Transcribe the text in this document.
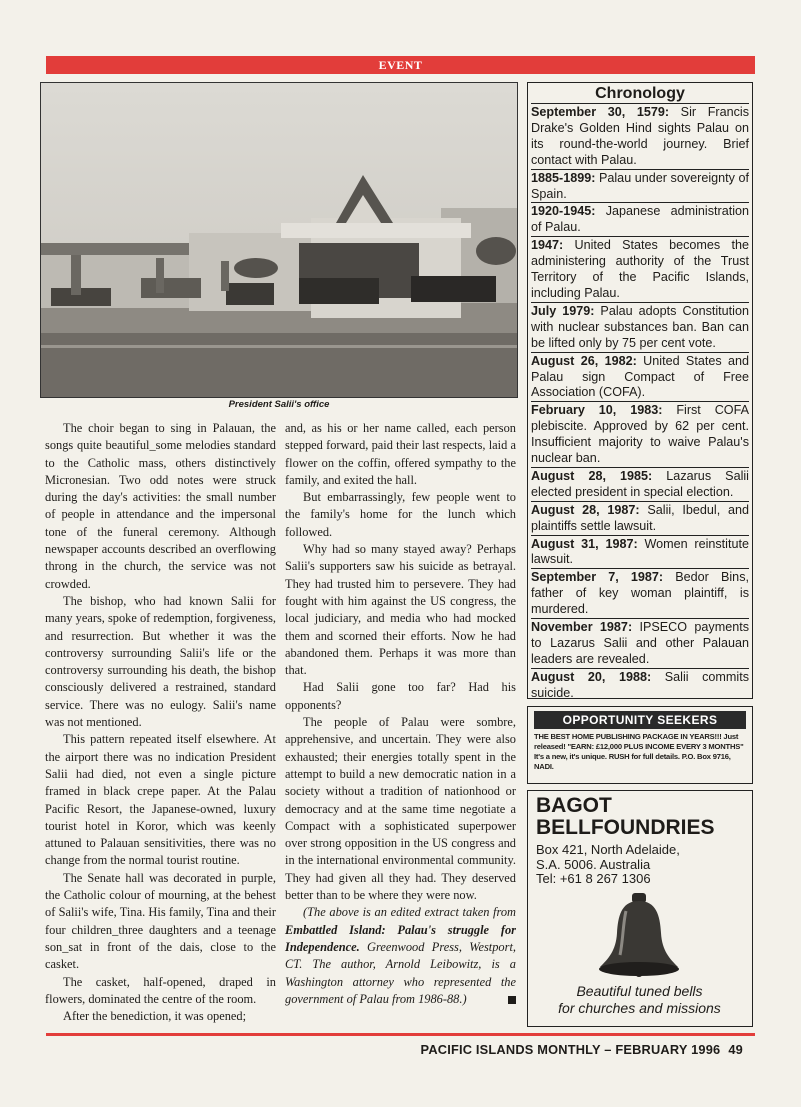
EVENT
President Salii's office

The choir began to sing in Palauan, the songs quite beautiful_some melodies standard to the Catholic mass, others distinctively Micronesian. Two odd notes were struck during the day's activities: the small number of people in attendance and the impersonal tone of the funeral ceremony. Although newspaper accounts described an overflowing throng in the church, the service was not crowded.

The bishop, who had known Salii for many years, spoke of redemption, forgiveness, and resurrection. But whether it was the controversy surrounding Salii's life or the controversy surrounding his death, the bishop consciously delivered a restrained, standard service. There was no eulogy. Salii's name was not mentioned.

This pattern repeated itself elsewhere. At the airport there was no indication President Salii had died, not even a single picture framed in black crepe paper. At the Palau Pacific Resort, the Japanese-owned, luxury tourist hotel in Koror, which was keenly attuned to Palauan sensitivities, there was no change from the normal tourist routine.

The Senate hall was decorated in purple, the Catholic colour of mourning, at the behest of Salii's wife, Tina. His family, Tina and their four children_three daughters and a teenage son_sat in front of the dais, close to the casket.

The casket, half-opened, draped in flowers, dominated the centre of the room.

After the benediction, it was opened;

and, as his or her name called, each person stepped forward, paid their last respects, laid a flower on the coffin, offered sympathy to the family, and exited the hall.

But embarrassingly, few people went to the family's home for the lunch which followed.

Why had so many stayed away? Perhaps Salii's supporters saw his suicide as betrayal. They had trusted him to persevere. They had fought with him against the US congress, the local judiciary, and media who had mocked them and scorned their efforts. Now he had abandoned them. Perhaps it was more than that.

Had Salii gone too far? Had his opponents?

The people of Palau were sombre, apprehensive, and uncertain. They were also exhausted; their energies totally spent in the attempt to build a new democratic nation in a society without a tradition of nationhood or democracy and at the same time negotiate a Compact with a sophisticated superpower over strong opposition in the US congress and in the international environmental community. They had given all they had. They deserved better than to be where they were now.

(The above is an edited extract taken from Embattled Island: Palau's struggle for Independence. Greenwood Press, Westport, CT. The author, Arnold Leibowitz, is a Washington attorney who represented the government of Palau from 1986-88.)

Chronology
September 30, 1579: Sir Francis Drake's Golden Hind sights Palau on its round-the-world journey. Brief contact with Palau.
1885-1899: Palau under sovereignty of Spain.
1920-1945: Japanese administration of Palau.
1947: United States becomes the administering authority of the Trust Territory of the Pacific Islands, including Palau.
July 1979: Palau adopts Constitution with nuclear substances ban. Ban can be lifted only by 75 per cent vote.
August 26, 1982: United States and Palau sign Compact of Free Association (COFA).
February 10, 1983: First COFA plebiscite. Approved by 62 per cent. Insufficient majority to waive Palau's nuclear ban.
August 28, 1985: Lazarus Salii elected president in special election.
August 28, 1987: Salii, Ibedul, and plaintiffs settle lawsuit.
August 31, 1987: Women reinstitute lawsuit.
September 7, 1987: Bedor Bins, father of key woman plaintiff, is murdered.
November 1987: IPSECO payments to Lazarus Salii and other Palauan leaders are revealed.
August 20, 1988: Salii commits suicide.
OPPORTUNITY SEEKERS
THE BEST HOME PUBLISHING PACKAGE IN YEARS!!! Just released! "EARN: £12,000 PLUS INCOME EVERY 3 MONTHS" It's a new, it's unique. RUSH for full details. P.O. Box 9716, NADI.
BAGOT
BELLFOUNDRIES
Box 421, North Adelaide,
S.A. 5006. Australia
Tel: +61 8 267 1306
Beautiful tuned bells
for churches and missions
PACIFIC ISLANDS MONTHLY – FEBRUARY 1996 49
